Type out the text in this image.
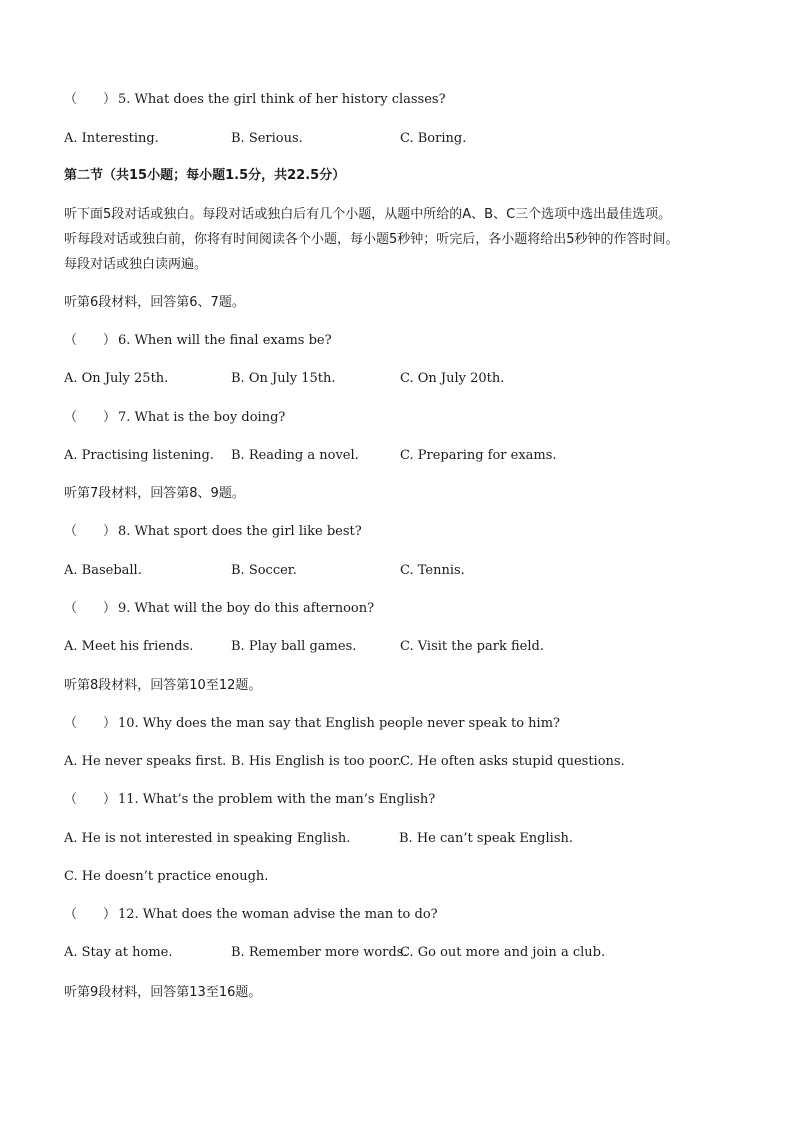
（　　） 5. What does the girl think of her history classes?
A. Interesting.	B. Serious.	C. Boring.
第二节（共15小题；每小题1.5分，共22.5分）
听下面5段对话或独白。每段对话或独白后有几个小题，从题中所给的A、B、C三个选项中选出最佳选项。
听每段对话或独白前，你将有时间阅读各个小题，每小题5秒钟；听完后，各小题将给出5秒钟的作答时间。
每段对话或独白读两遍。
听第6段材料，回答第6、7题。
（　　） 6. When will the final exams be?
A. On July 25th.	B. On July 15th.	C. On July 20th.
（　　） 7. What is the boy doing?
A. Practising listening. B. Reading a novel.	C. Preparing for exams.
听第7段材料，回答第8、9题。
（　　） 8. What sport does the girl like best?
A. Baseball.	B. Soccer.	C. Tennis.
（　　） 9. What will the boy do this afternoon?
A. Meet his friends.	B. Play ball games.	C. Visit the park field.
听第8段材料，回答第10至12题。
（　　） 10. Why does the man say that English people never speak to him?
A. He never speaks first. B. His English is too poor.
C. He often asks stupid questions.
（　　） 11. What’s the problem with the man’s English?
A. He is not interested in speaking English.	B. He can’t speak English.
C. He doesn’t practice enough.
（　　） 12. What does the woman advise the man to do?
A. Stay at home.	B. Remember more words.
C. Go out more and join a club.
听第9段材料，回答第13至16题。
